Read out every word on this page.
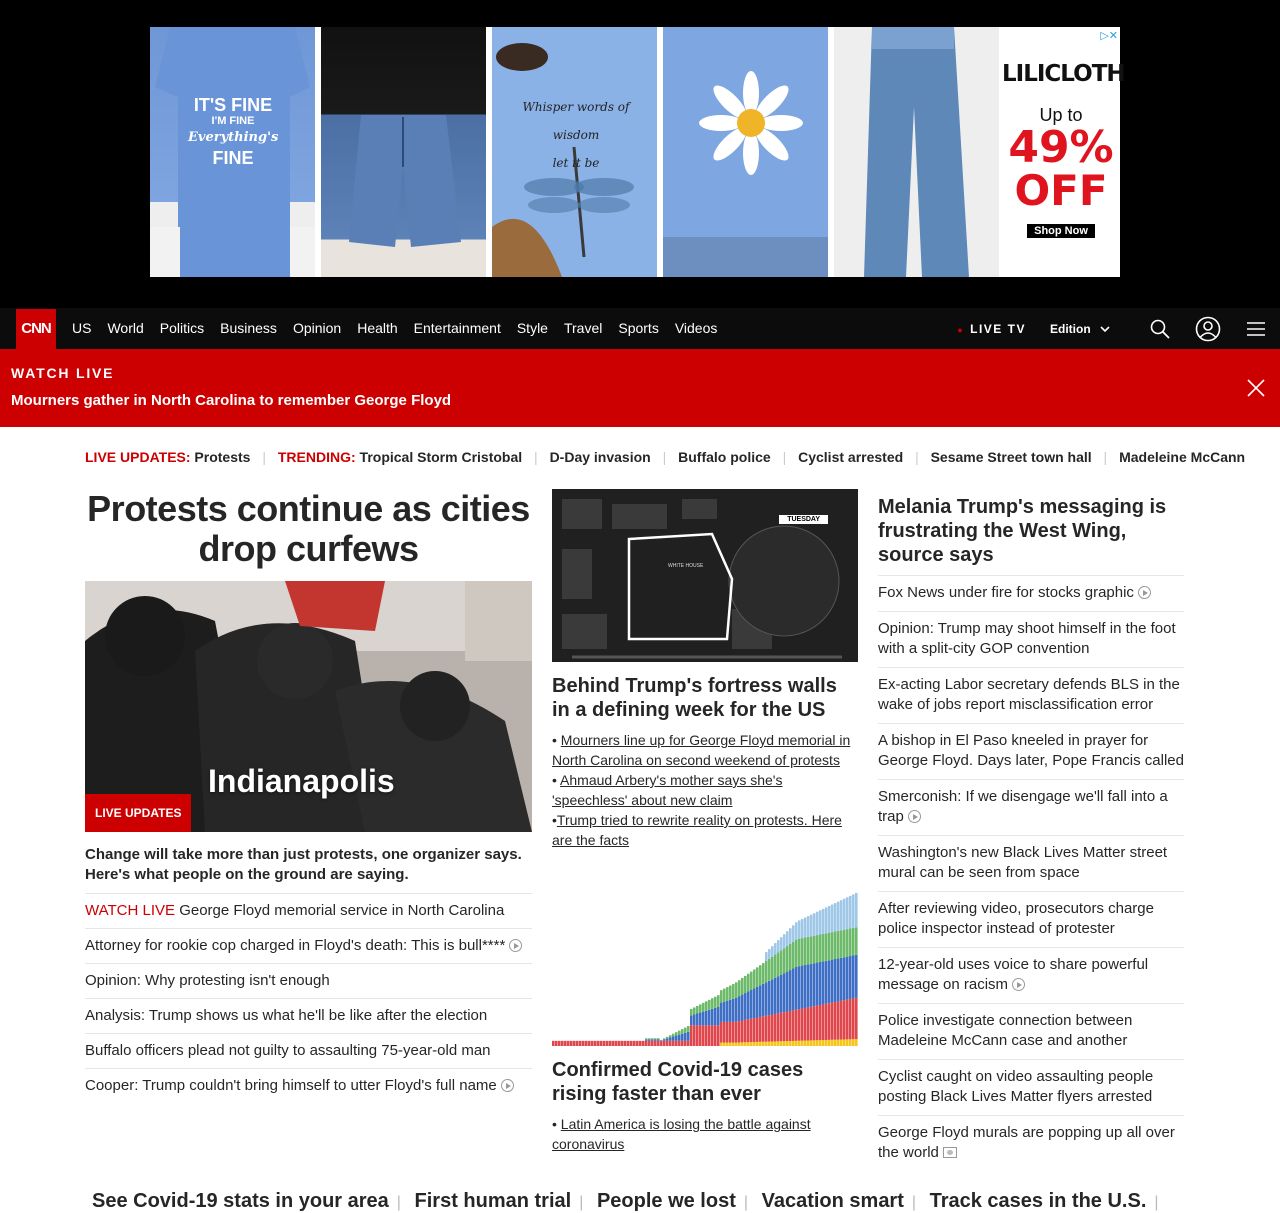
IT'S FINE
I'M FINE
Everything's
FINE
Whisper words of wisdom
let it be
▷✕
LILICLOTH
Up to
49%
OFF
Shop Now
CNN	US World Politics Business Opinion Health Entertainment Style Travel Sports Videos	● LIVE TV Edition
WATCH LIVE
Mourners gather in North Carolina to remember George Floyd
LIVE UPDATES: Protests | TRENDING: Tropical Storm Cristobal | D-Day invasion | Buffalo police | Cyclist arrested | Sesame Street town hall | Madeleine McCann
Protests continue as cities drop curfews
Indianapolis
LIVE UPDATES
Change will take more than just protests, one organizer says. Here's what people on the ground are saying.
WATCH LIVE George Floyd memorial service in North Carolina
Attorney for rookie cop charged in Floyd's death: This is bull****
Opinion: Why protesting isn't enough
Analysis: Trump shows us what he'll be like after the election
Buffalo officers plead not guilty to assaulting 75-year-old man
Cooper: Trump couldn't bring himself to utter Floyd's full name
TUESDAY
WHITE HOUSE
Behind Trump's fortress walls in a defining week for the US
• Mourners line up for George Floyd memorial in North Carolina on second weekend of protests
• Ahmaud Arbery's mother says she's 'speechless' about new claim
•Trump tried to rewrite reality on protests. Here are the facts
Confirmed Covid-19 cases rising faster than ever
• Latin America is losing the battle against coronavirus
Melania Trump's messaging is frustrating the West Wing, source says
Fox News under fire for stocks graphic
Opinion: Trump may shoot himself in the foot with a split-city GOP convention
Ex-acting Labor secretary defends BLS in the wake of jobs report misclassification error
A bishop in El Paso kneeled in prayer for George Floyd. Days later, Pope Francis called
Smerconish: If we disengage we'll fall into a trap
Washington's new Black Lives Matter street mural can be seen from space
After reviewing video, prosecutors charge police inspector instead of protester
12-year-old uses voice to share powerful message on racism
Police investigate connection between Madeleine McCann case and another
Cyclist caught on video assaulting people posting Black Lives Matter flyers arrested
George Floyd murals are popping up all over the world
See Covid-19 stats in your area | First human trial | People we lost | Vacation smart | Track cases in the U.S. |
